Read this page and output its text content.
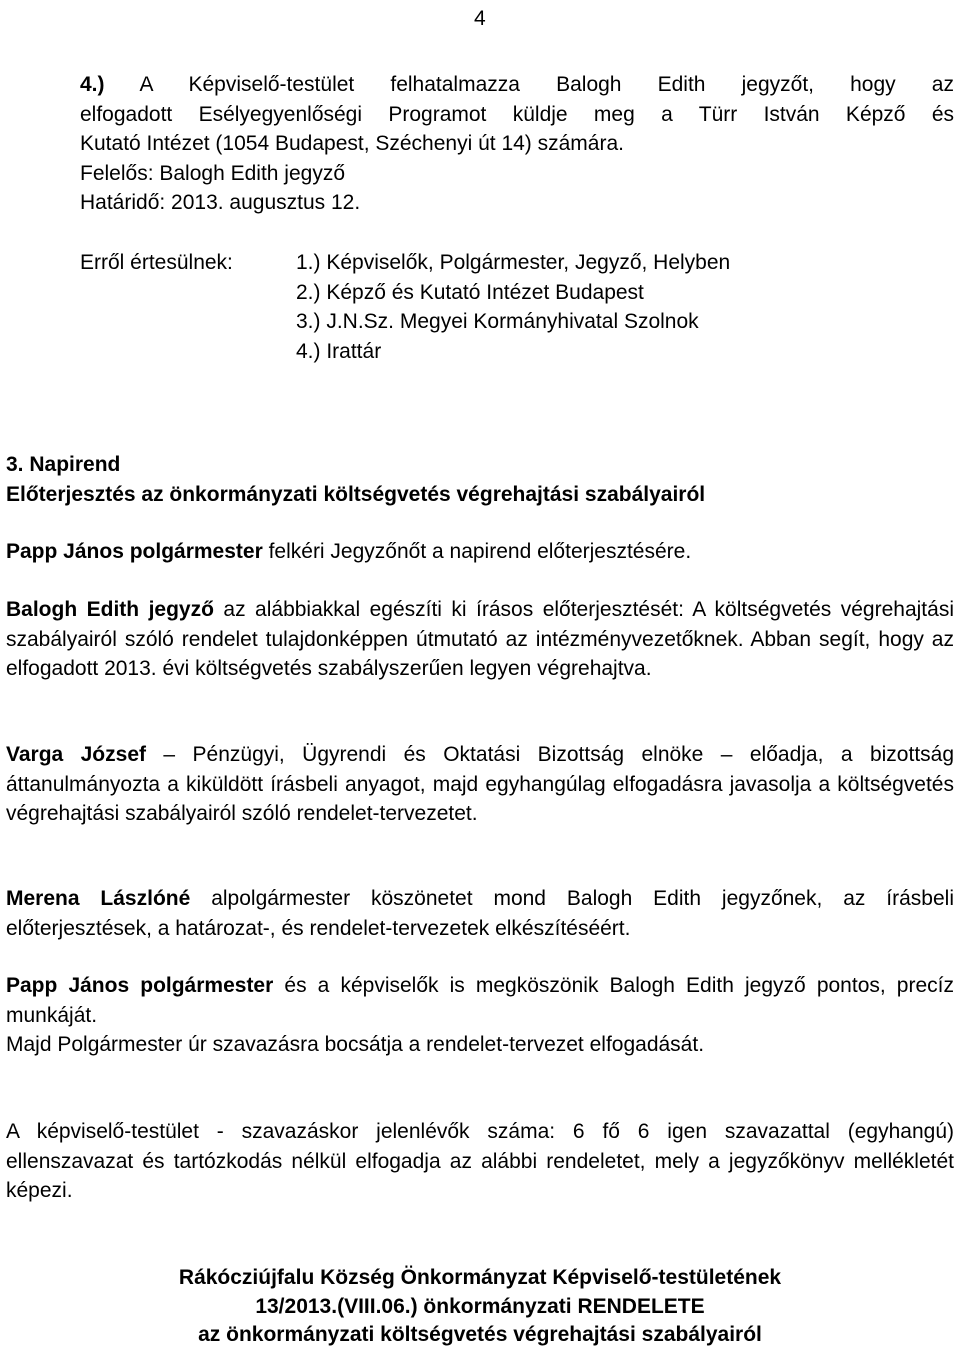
4
4.) A Képviselő-testület felhatalmazza Balogh Edith jegyzőt, hogy az
elfogadott Esélyegyenlőségi Programot küldje meg a Türr István Képző és
Kutató Intézet (1054 Budapest, Széchenyi út 14) számára.
Felelős: Balogh Edith jegyző
Határidő: 2013. augusztus 12.
Erről értesülnek:	1.) Képviselők, Polgármester, Jegyző, Helyben
2.) Képző és Kutató Intézet Budapest
3.) J.N.Sz. Megyei Kormányhivatal Szolnok
4.) Irattár
3. Napirend
Előterjesztés az önkormányzati költségvetés végrehajtási szabályairól

Papp János polgármester felkéri Jegyzőnőt a napirend előterjesztésére.

Balogh Edith jegyző az alábbiakkal egészíti ki írásos előterjesztését: A költségvetés végrehajtási szabályairól szóló rendelet tulajdonképpen útmutató az intézményvezetőknek. Abban segít, hogy az elfogadott 2013. évi költségvetés szabályszerűen legyen végrehajtva.

Varga József – Pénzügyi, Ügyrendi és Oktatási Bizottság elnöke – előadja, a bizottság áttanulmányozta a kiküldött írásbeli anyagot, majd egyhangúlag elfogadásra javasolja a költségvetés végrehajtási szabályairól szóló rendelet-tervezetet.

Merena Lászlóné alpolgármester köszönetet mond Balogh Edith jegyzőnek, az írásbeli előterjesztések, a határozat-, és rendelet-tervezetek elkészítéséért.

Papp János polgármester és a képviselők is megköszönik Balogh Edith jegyző pontos, precíz munkáját.

Majd Polgármester úr szavazásra bocsátja a rendelet-tervezet elfogadását.

A képviselő-testület - szavazáskor jelenlévők száma: 6 fő 6 igen szavazattal (egyhangú) ellenszavazat és tartózkodás nélkül elfogadja az alábbi rendeletet, mely a jegyzőkönyv mellékletét képezi.

Rákócziújfalu Község Önkormányzat Képviselő-testületének
13/2013.(VIII.06.) önkormányzati RENDELETE
az önkormányzati költségvetés végrehajtási szabályairól
